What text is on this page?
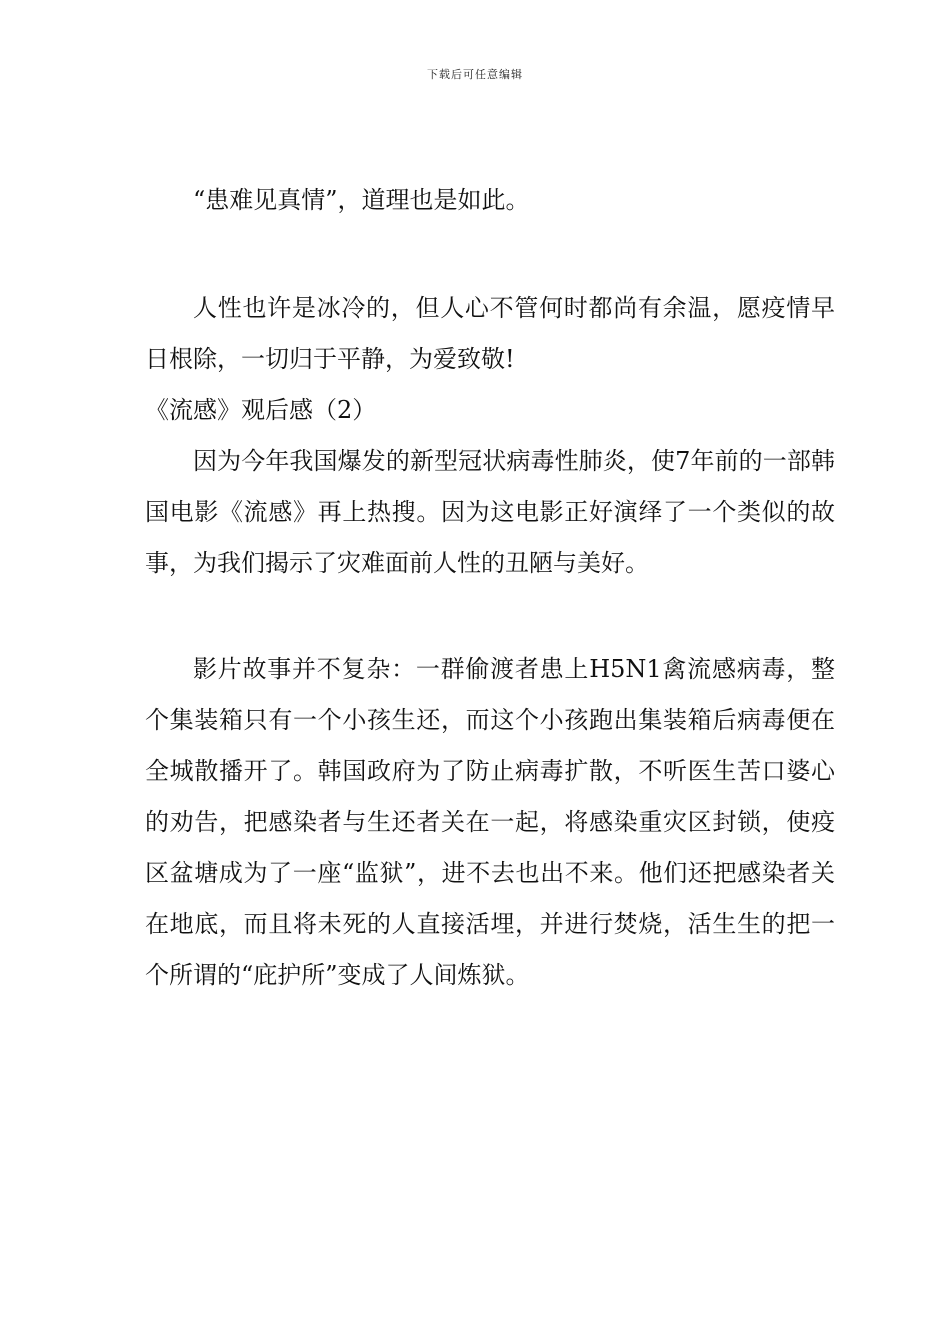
下载后可任意编辑

“患难见真情”，道理也是如此。

人性也许是冰冷的，但人心不管何时都尚有余温，愿疫情早日根除，一切归于平静，为爱致敬!

《流感》观后感（2）

因为今年我国爆发的新型冠状病毒性肺炎，使7年前的一部韩国电影《流感》再上热搜。因为这电影正好演绎了一个类似的故事，为我们揭示了灾难面前人性的丑陋与美好。

影片故事并不复杂：一群偷渡者患上H5N1禽流感病毒，整个集装箱只有一个小孩生还，而这个小孩跑出集装箱后病毒便在全城散播开了。韩国政府为了防止病毒扩散，不听医生苦口婆心的劝告，把感染者与生还者关在一起，将感染重灾区封锁，使疫区盆塘成为了一座“监狱”，进不去也出不来。他们还把感染者关在地底，而且将未死的人直接活埋，并进行焚烧，活生生的把一个所谓的“庇护所”变成了人间炼狱。
